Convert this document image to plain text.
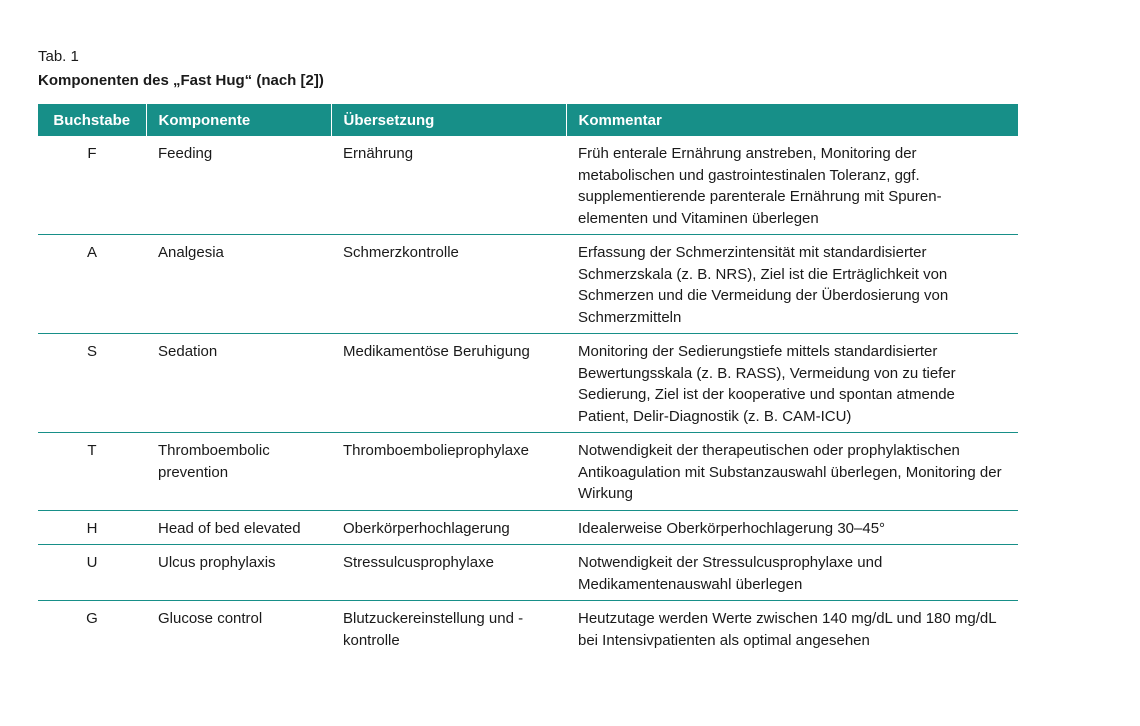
Tab. 1
Komponenten des „Fast Hug“ (nach [2])
Buchstabe	Komponente	Übersetzung	Kommentar
F	Feeding	Ernährung	Früh enterale Ernährung anstreben, Monitoring der metabolischen und gastrointestinalen Toleranz, ggf. supplementierende parenterale Ernährung mit Spurenelementen und Vitaminen überlegen
A	Analgesia	Schmerzkontrolle	Erfassung der Schmerzintensität mit standardisierter Schmerzskala (z. B. NRS), Ziel ist die Erträglichkeit von Schmerzen und die Vermeidung der Überdosierung von Schmerzmitteln
S	Sedation	Medikamentöse Beruhigung	Monitoring der Sedierungstiefe mittels standardisierter Bewertungsskala (z. B. RASS), Vermeidung von zu tiefer Sedierung, Ziel ist der kooperative und spontan atmende Patient, Delir-Diagnostik (z. B. CAM-ICU)
T	Thromboembolic prevention	Thromboembolieprophylaxe	Notwendigkeit der therapeutischen oder prophylaktischen Antikoagulation mit Substanzauswahl überlegen, Monitoring der Wirkung
H	Head of bed elevated	Oberkörperhochlagerung	Idealerweise Oberkörperhochlagerung 30–45°
U	Ulcus prophylaxis	Stressulcusprophylaxe	Notwendigkeit der Stressulcusprophylaxe und Medikamentenauswahl überlegen
G	Glucose control	Blutzuckereinstellung und -kontrolle	Heutzutage werden Werte zwischen 140 mg/dL und 180 mg/dL bei Intensivpatienten als optimal angesehen
